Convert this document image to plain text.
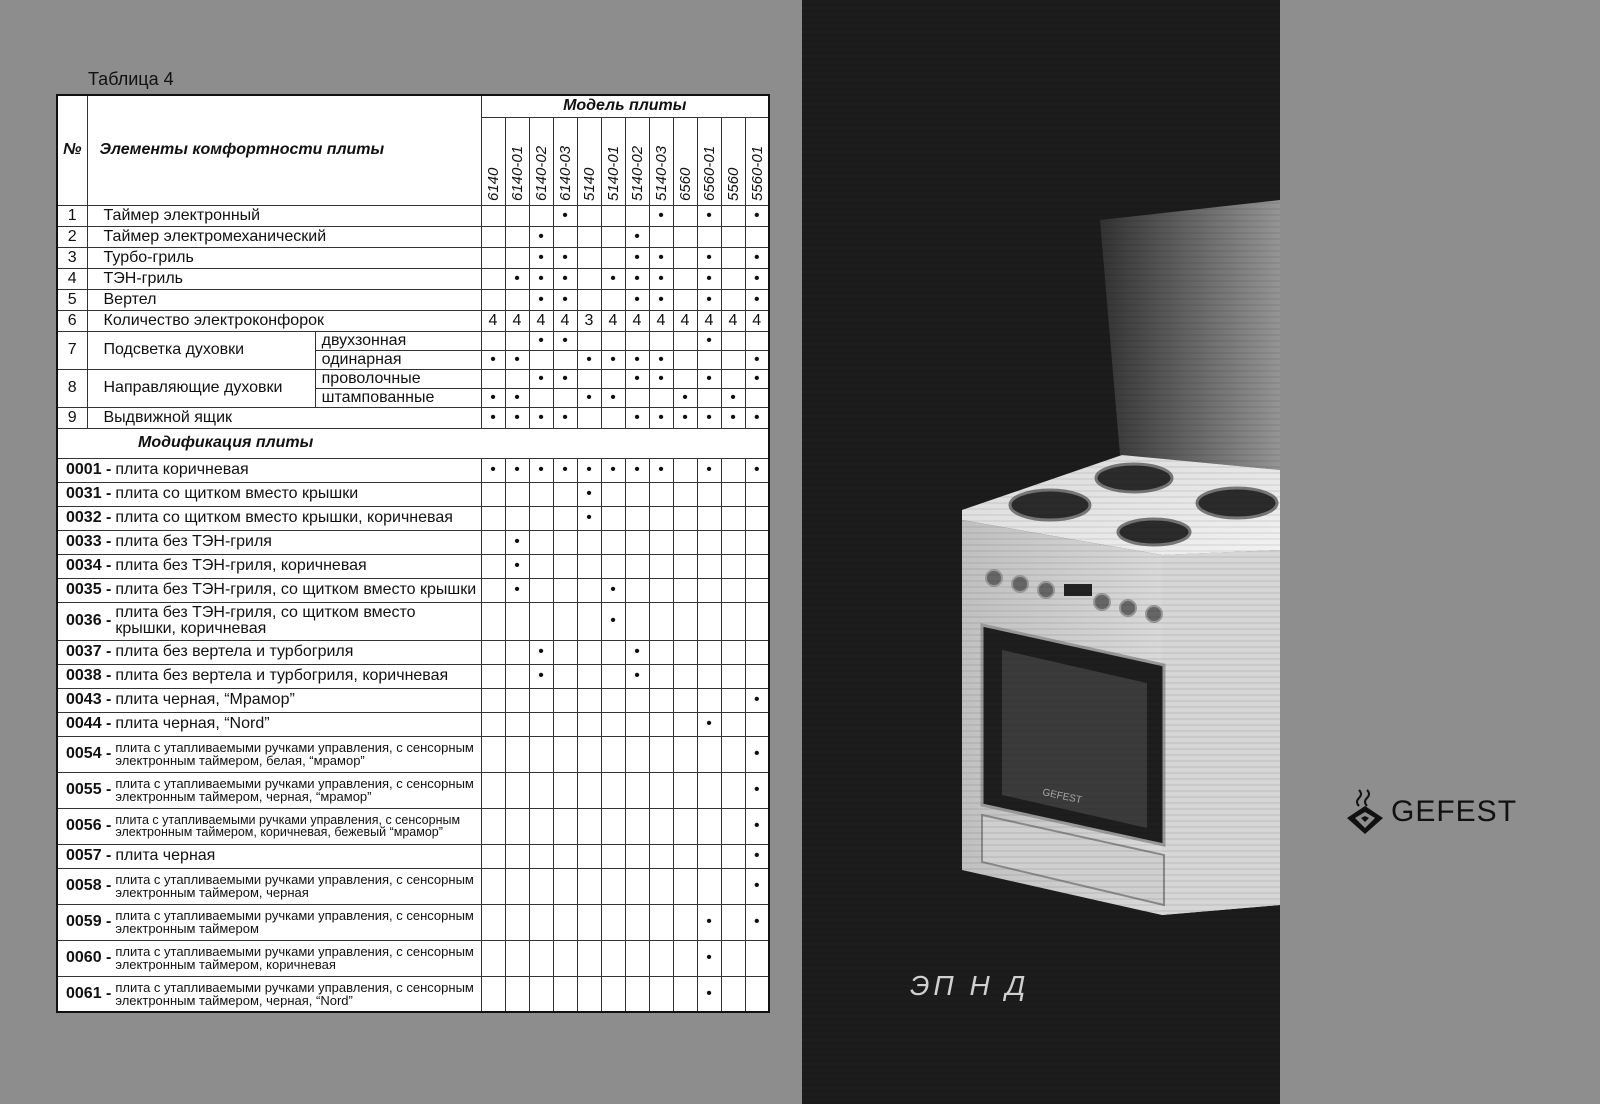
Таблица 4
№	Элементы комфортности плиты		Модель плиты											

			6140	6140-01	6140-02	6140-03	5140	5140-01	5140-02	5140-03	6560	6560-01	5560	5560-01

1	Таймер электронный					•				•		•		•
2	Таймер электромеханический				•				•					
3	Турбо-гриль				•	•			•	•		•		•
4	ТЭН-гриль			•	•	•		•	•	•		•		•
5	Вертел				•	•			•	•		•		•
6	Количество электроконфорок		4	4	4	4	3	4	4	4	4	4	4	4
7	Подсветка духовки	двухзонная			•	•						•		
		одинарная	•	•			•	•	•	•				•
8	Направляющие духовки	проволочные			•	•			•	•		•		•
		штампованные	•	•			•	•			•		•	
9	Выдвижной ящик		•	•	•	•			•	•	•	•	•	•
Модификация плиты														

0001 - плита коричневая			•	•	•	•	•	•	•	•		•		•

0031 - плита со щитком вместо крышки							•							

0032 - плита со щитком вместо крышки, коричневая							•							

0033 - плита без ТЭН-гриля				•										

0034 - плита без ТЭН-гриля, коричневая				•										

0035 - плита без ТЭН-гриля, со щитком вместо крышки				•				•						

0036 - плита без ТЭН-гриля, со щитком вместо крышки, коричневая								•						

0037 - плита без вертела и турбогриля					•				•					

0038 - плита без вертела и турбогриля, коричневая					•				•					

0043 - плита черная, “Мрамор”														•

0044 - плита черная, “Nord”												•		

0054 - плита с утапливаемыми ручками управления, с сенсорным электронным таймером, белая, “мрамор”														•

0055 - плита с утапливаемыми ручками управления, с сенсорным электронным таймером, черная, “мрамор”														•

0056 - плита с утапливаемыми ручками управления, с сенсорным электронным таймером, коричневая, бежевый “мрамор”														•

0057 - плита черная														•

0058 - плита с утапливаемыми ручками управления, с сенсорным электронным таймером, черная														•

0059 - плита с утапливаемыми ручками управления, с сенсорным электронным таймером												•		•

0060 - плита с утапливаемыми ручками управления, с сенсорным электронным таймером, коричневая												•		

0061 - плита с утапливаемыми ручками управления, с сенсорным электронным таймером, черная, “Nord”												•			ЭП Н Д
GEFEST
